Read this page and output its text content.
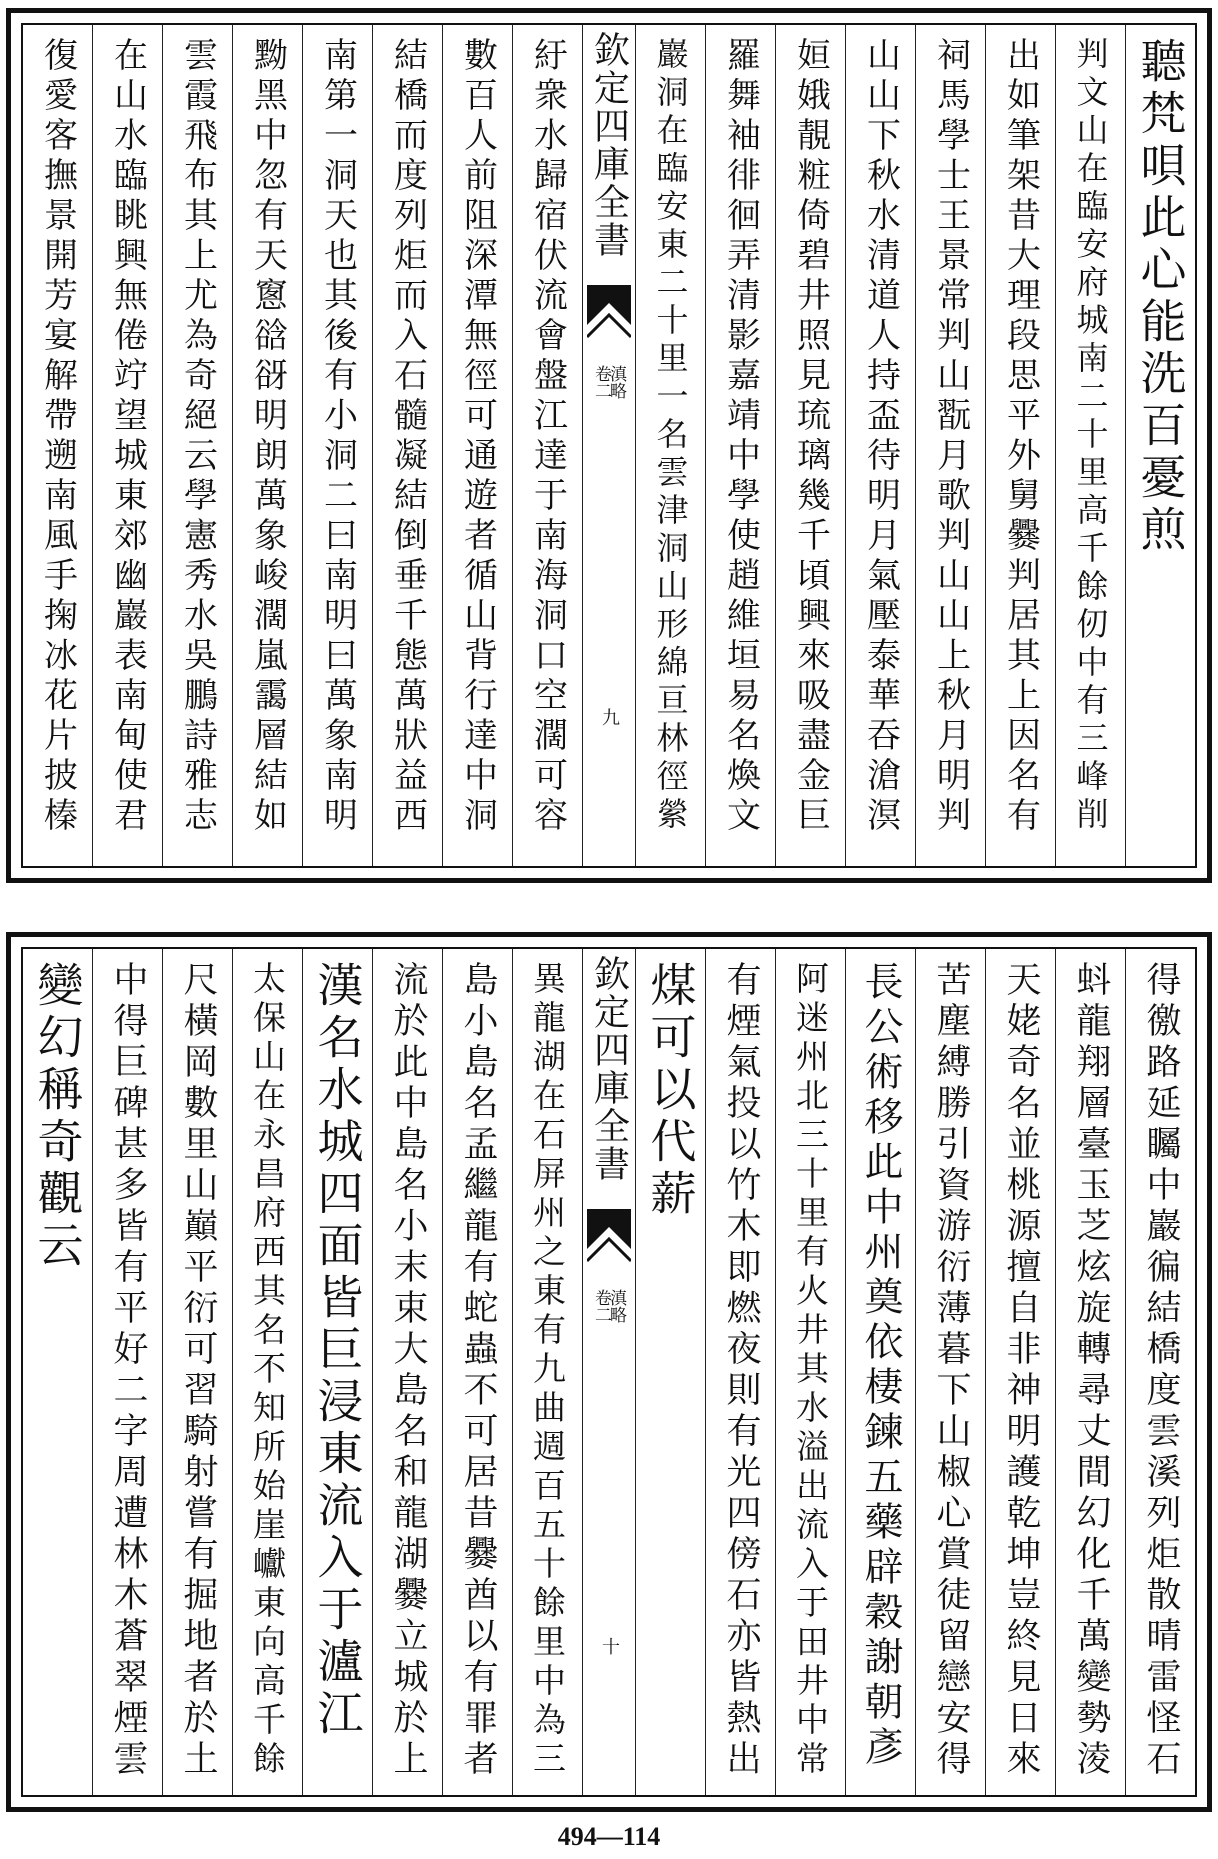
聽梵唄此心能洗百憂煎
判文山在臨安府城南二十里高千餘仞中有三峰削
出如筆架昔大理段思平外舅爨判居其上因名有
祠馬學士王景常判山翫月歌判山山上秋月明判
山山下秋水清道人持盃待明月氣壓泰華吞滄溟
姮娥靚粧倚碧井照見琉璃幾千頃興來吸盡金巨
羅舞袖徘徊弄清影嘉靖中學使趙維垣易名煥文
巖洞在臨安東二十里一名雲津洞山形綿亘林徑縈
欽定四庫全書
卷二
滇略
九
紆衆水歸宿伏流會盤江達于南海洞口空濶可容
數百人前阻深潭無徑可通遊者循山背行達中洞
結橋而度列炬而入石髓凝結倒垂千態萬狀益西
南第一洞天也其後有小洞二曰南明曰萬象南明
黝黑中忽有天窻谽谺明朗萬象峻濶嵐靄層結如
雲霞飛布其上尤為奇絕云學憲秀水吳鵬詩雅志
在山水臨眺興無倦竚望城東郊幽巖表南甸使君
復愛客撫景開芳宴解帶遡南風手掬冰花片披榛
得徼路延矚中巖徧結橋度雲溪列炬散晴雷怪石
蚪龍翔層臺玉芝炫旋轉尋丈間幻化千萬變勢淩
天姥奇名並桃源擅自非神明護乾坤豈終見日來
苦塵縛勝引資游衍薄暮下山椒心賞徒留戀安得
長公術移此中州奠依棲鍊五藥辟穀謝朝彥
阿迷州北三十里有火井其水溢出流入于田井中常
有煙氣投以竹木即燃夜則有光四傍石亦皆熱出
煤可以代薪
欽定四庫全書
卷二
滇略
十
異龍湖在石屏州之東有九曲週百五十餘里中為三
島小島名孟繼龍有蛇蟲不可居昔爨酋以有罪者
流於此中島名小末束大島名和龍湖爨立城於上
漢名水城四面皆巨浸東流入于瀘江
太保山在永昌府西其名不知所始崖巘東向高千餘
尺橫岡數里山巔平衍可習騎射嘗有掘地者於土
中得巨碑甚多皆有平好二字周遭林木蒼翠煙雲
變幻稱奇觀云
494—114
